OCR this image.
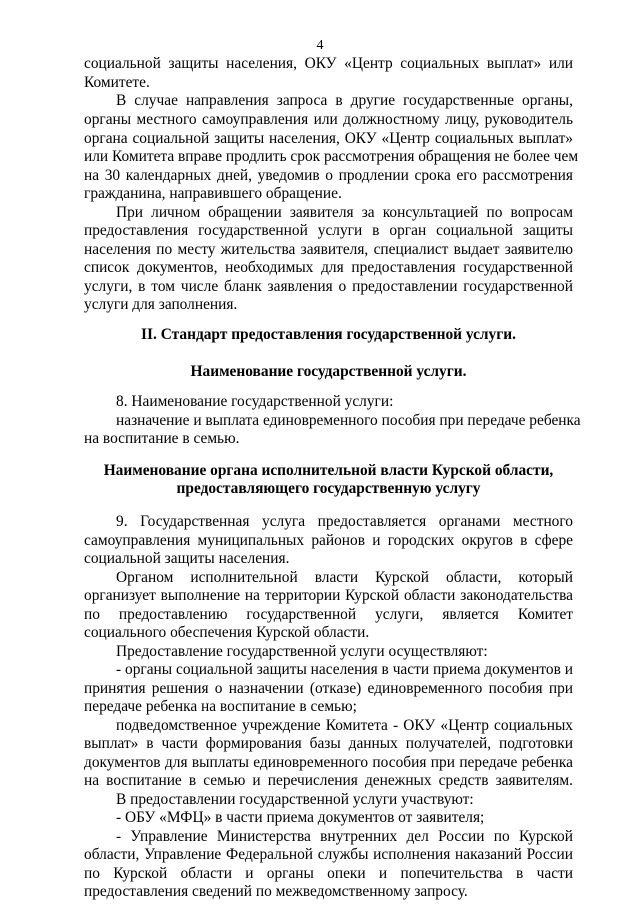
4
социальной защиты населения, ОКУ «Центр социальных выплат» или
Комитете.
В случае направления запроса в другие государственные органы,
органы местного самоуправления или должностному лицу, руководитель
органа социальной защиты населения, ОКУ «Центр социальных выплат»
или Комитета вправе продлить срок рассмотрения обращения не более чем
на 30 календарных дней, уведомив о продлении срока его рассмотрения
гражданина, направившего обращение.
При личном обращении заявителя за консультацией по вопросам
предоставления государственной услуги в орган социальной защиты
населения по месту жительства заявителя, специалист выдает заявителю
список документов, необходимых для предоставления государственной
услуги, в том числе бланк заявления о предоставлении государственной
услуги для заполнения.
II. Стандарт предоставления государственной услуги.
Наименование государственной услуги.
8. Наименование государственной услуги:
назначение и выплата единовременного пособия при передаче ребенка
на воспитание в семью.
Наименование органа исполнительной власти Курской области,
предоставляющего государственную услугу
9. Государственная услуга предоставляется органами местного
самоуправления муниципальных районов и городских округов в сфере
социальной защиты населения.
Органом исполнительной власти Курской области, который
организует выполнение на территории Курской области законодательства
по предоставлению государственной услуги, является Комитет
социального обеспечения Курской области.
Предоставление государственной услуги осуществляют:
- органы социальной защиты населения в части приема документов и
принятия решения о назначении (отказе) единовременного пособия при
передаче ребенка на воспитание в семью;
подведомственное учреждение Комитета - ОКУ «Центр социальных
выплат» в части формирования базы данных получателей, подготовки
документов для выплаты единовременного пособия при передаче ребенка
на воспитание в семью и перечисления денежных средств заявителям.
В предоставлении государственной услуги участвуют:
- ОБУ «МФЦ» в части приема документов от заявителя;
- Управление Министерства внутренних дел России по Курской
области, Управление Федеральной службы исполнения наказаний России
по Курской области и органы опеки и попечительства в части
предоставления сведений по межведомственному запросу.
